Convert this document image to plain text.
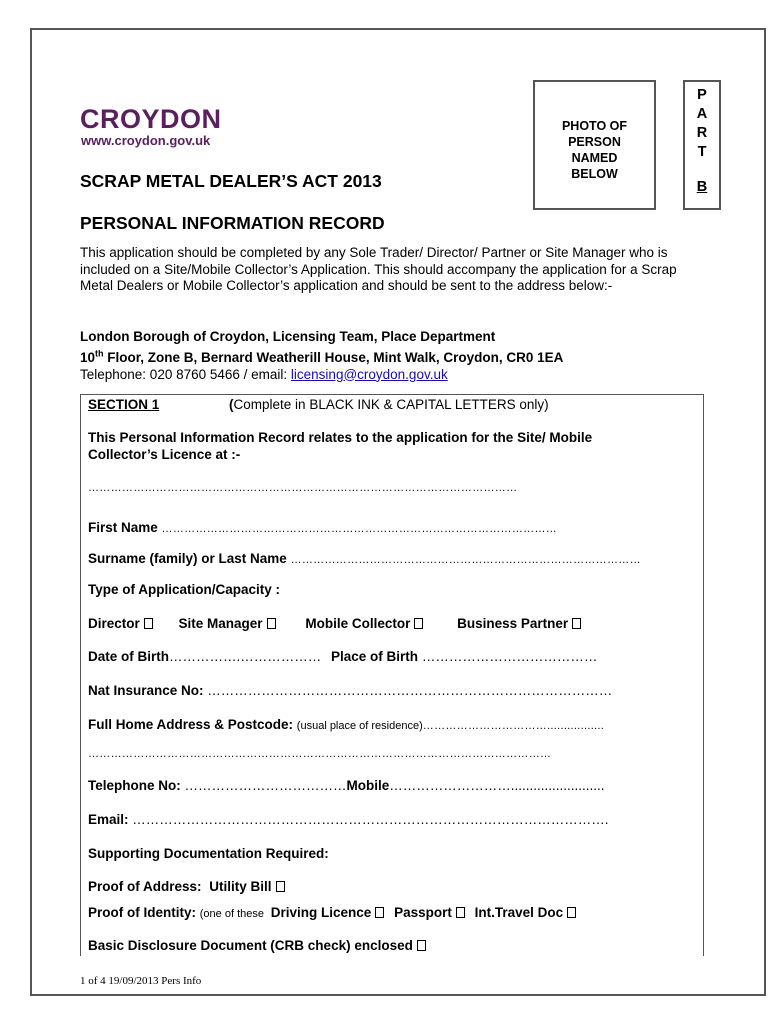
CROYDON
www.croydon.gov.uk
SCRAP METAL DEALER’S ACT 2013
PERSONAL INFORMATION RECORD
PHOTO OF
PERSON
NAMED
BELOW
P
A
R
T
B
This application should be completed by any Sole Trader/ Director/ Partner or Site Manager who is included on a Site/Mobile Collector’s Application. This should accompany the application for a Scrap Metal Dealers or Mobile Collector’s application and should be sent to the address below:-
London Borough of Croydon, Licensing Team, Place Department
10th Floor, Zone B, Bernard Weatherill House, Mint Walk, Croydon, CR0 1EA
Telephone: 020 8760 5466 / email: licensing@croydon.gov.uk
SECTION 1	(Complete in BLACK INK & CAPITAL LETTERS only)
This Personal Information Record relates to the application for the Site/ Mobile
Collector’s Licence at :-
……………………………………………………………………………………………………
First Name ……………………………………………………………………………………………
Surname (family) or Last Name …………………………………………………………………………………
Type of Application/Capacity :
Director	Site Manager	Mobile Collector	Business Partner
Date of Birth…………….……………… Place of Birth …………………………………
Nat Insurance No: ………………………………………………………………………………
Full Home Address & Postcode: (usual place of residence)…………………………….................
……………………………………………………………………………………………………………
Telephone No: ………………………………Mobile……………………….........................
Email: …………………………………………………………………………………………….
Supporting Documentation Required:
Proof of Address: Utility Bill
Proof of Identity: (one of these Driving Licence Passport Int.Travel Doc
Basic Disclosure Document (CRB check) enclosed
1 of 4 19/09/2013 Pers Info
